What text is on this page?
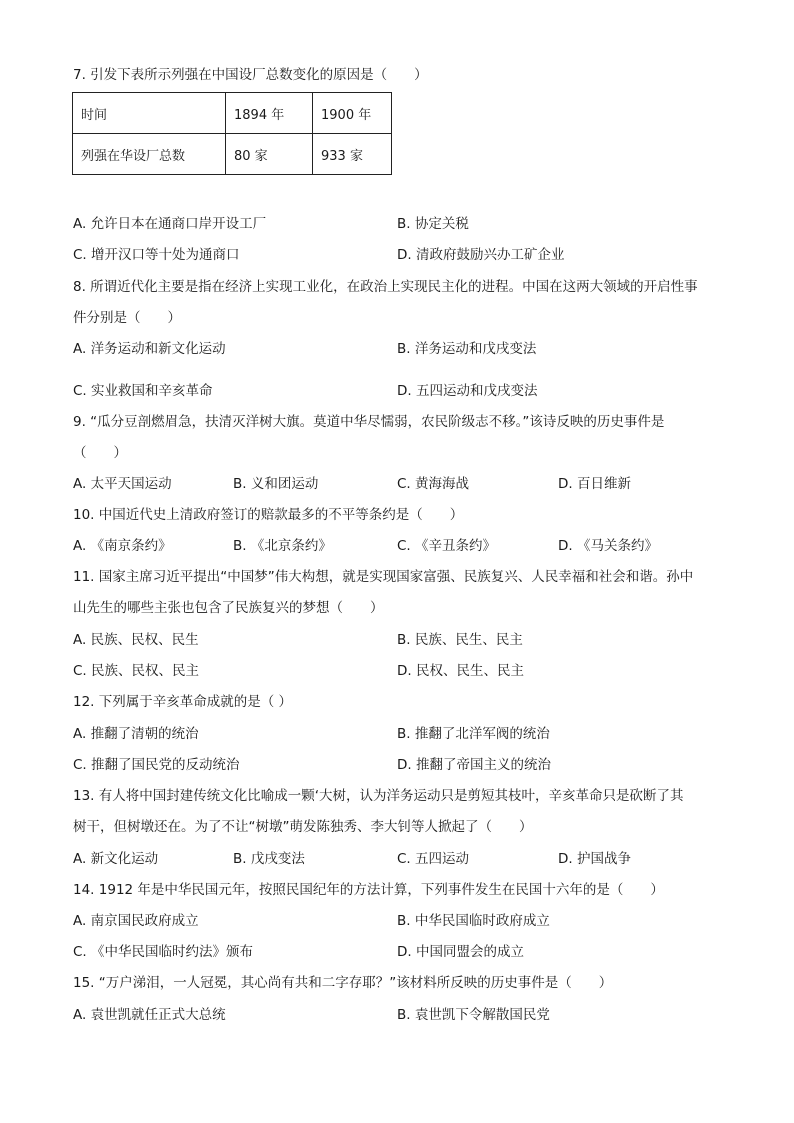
7. 引发下表所示列强在中国设厂总数变化的原因是（　　）
时间	1894 年	1900 年
列强在华设厂总数	80 家	933 家
A. 允许日本在通商口岸开设工厂	B. 协定关税
C. 增开汉口等十处为通商口	D. 清政府鼓励兴办工矿企业
8. 所谓近代化主要是指在经济上实现工业化，在政治上实现民主化的进程。中国在这两大领域的开启性事
件分别是（　　）
A. 洋务运动和新文化运动	B. 洋务运动和戊戌变法
C. 实业救国和辛亥革命	D. 五四运动和戊戌变法
9. “瓜分豆剖燃眉急，扶清灭洋树大旗。莫道中华尽懦弱，农民阶级志不移。”该诗反映的历史事件是
（　　）
A. 太平天国运动	B. 义和团运动	C. 黄海海战	D. 百日维新
10. 中国近代史上清政府签订的赔款最多的不平等条约是（　　）
A. 《南京条约》	B. 《北京条约》	C. 《辛丑条约》	D. 《马关条约》
11. 国家主席习近平提出“中国梦”伟大构想，就是实现国家富强、民族复兴、人民幸福和社会和谐。孙中
山先生的哪些主张也包含了民族复兴的梦想（　　）
A. 民族、民权、民生	B. 民族、民生、民主
C. 民族、民权、民主	D. 民权、民生、民主
12. 下列属于辛亥革命成就的是（ ）
A. 推翻了清朝的统治	B. 推翻了北洋军阀的统治
C. 推翻了国民党的反动统治	D. 推翻了帝国主义的统治
13. 有人将中国封建传统文化比喻成一颗‘大树，认为洋务运动只是剪短其枝叶，辛亥革命只是砍断了其
树干，但树墩还在。为了不让“树墩”萌发陈独秀、李大钊等人掀起了（　　）
A. 新文化运动	B. 戊戌变法	C. 五四运动	D. 护国战争
14. 1912 年是中华民国元年，按照民国纪年的方法计算，下列事件发生在民国十六年的是（　　）
A. 南京国民政府成立	B. 中华民国临时政府成立
C. 《中华民国临时约法》颁布	D. 中国同盟会的成立
15. “万户涕泪，一人冠冕，其心尚有共和二字存耶？”该材料所反映的历史事件是（　　）
A. 袁世凯就任正式大总统	B. 袁世凯下令解散国民党
